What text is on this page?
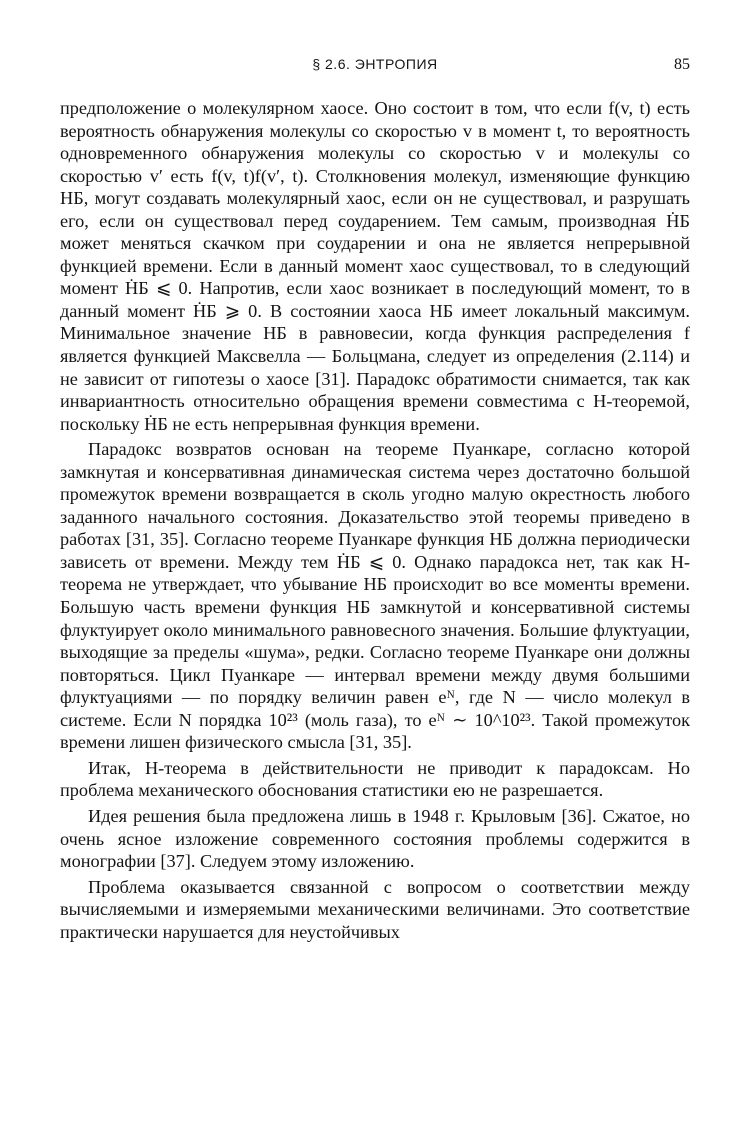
§ 2.6. ЭНТРОПИЯ	85

предположение о молекулярном хаосе. Оно состоит в том, что если f(v, t) есть вероятность обнаружения молекулы со скоростью v в момент t, то вероятность одновременного обнаружения молекулы со скоростью v и молекулы со скоростью v′ есть f(v, t)f(v′, t). Столкновения молекул, изменяющие функцию HБ, могут создавать молекулярный хаос, если он не существовал, и разрушать его, если он существовал перед соударением. Тем самым, производная ḢБ может меняться скачком при соударении и она не является непрерывной функцией времени. Если в данный момент хаос существовал, то в следующий момент ḢБ ⩽ 0. Напротив, если хаос возникает в последующий момент, то в данный момент ḢБ ⩾ 0. В состоянии хаоса HБ имеет локальный максимум. Минимальное значение HБ в равновесии, когда функция распределения f является функцией Максвелла — Больцмана, следует из определения (2.114) и не зависит от гипотезы о хаосе [31]. Парадокс обратимости снимается, так как инвариантность относительно обращения времени совместима с H-теоремой, поскольку ḢБ не есть непрерывная функция времени.

Парадокс возвратов основан на теореме Пуанкаре, согласно которой замкнутая и консервативная динамическая система через достаточно большой промежуток времени возвращается в сколь угодно малую окрестность любого заданного начального состояния. Доказательство этой теоремы приведено в работах [31, 35]. Согласно теореме Пуанкаре функция HБ должна периодически зависеть от времени. Между тем ḢБ ⩽ 0. Однако парадокса нет, так как H-теорема не утверждает, что убывание HБ происходит во все моменты времени. Большую часть времени функция HБ замкнутой и консервативной системы флуктуирует около минимального равновесного значения. Большие флуктуации, выходящие за пределы «шума», редки. Согласно теореме Пуанкаре они должны повторяться. Цикл Пуанкаре — интервал времени между двумя большими флуктуациями — по порядку величин равен eᴺ, где N — число молекул в системе. Если N порядка 10²³ (моль газа), то eᴺ ∼ 10^10²³. Такой промежуток времени лишен физического смысла [31, 35].

Итак, H-теорема в действительности не приводит к парадоксам. Но проблема механического обоснования статистики ею не разрешается.

Идея решения была предложена лишь в 1948 г. Крыловым [36]. Сжатое, но очень ясное изложение современного состояния проблемы содержится в монографии [37]. Следуем этому изложению.

Проблема оказывается связанной с вопросом о соответствии между вычисляемыми и измеряемыми механическими величинами. Это соответствие практически нарушается для неустойчивых
